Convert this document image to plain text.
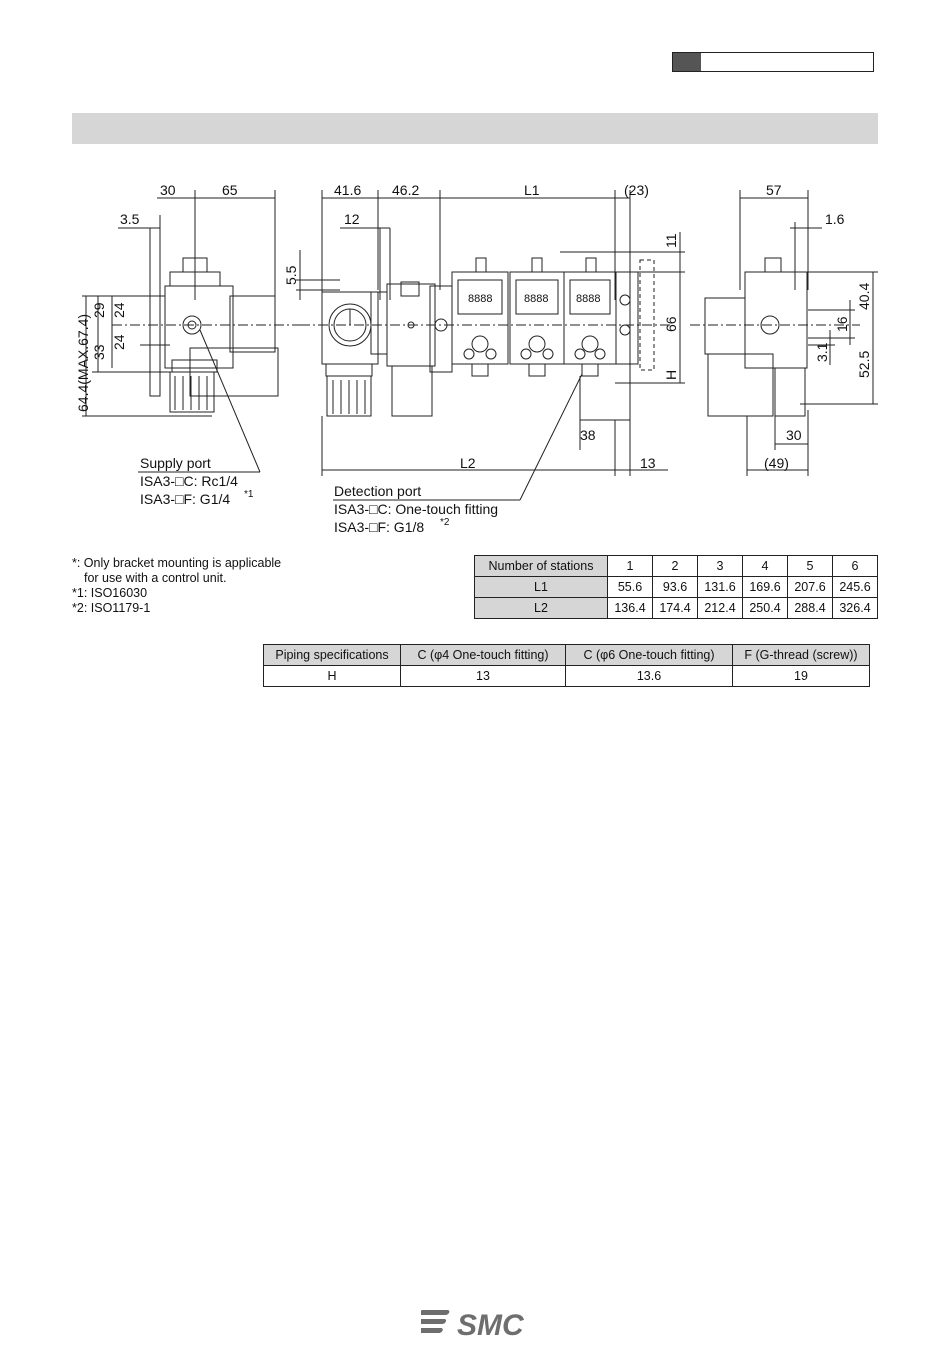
30	65
3.5
29 24
33
24
64.4(MAX.67.4)
41.6 46.2	L1	(23)
12
5.5
11
66
H
38
L2	13
57
1.6
40.4
16
3.1 52.5
30
(49)
8888	8888	8888
Supply port
ISA3-□C: Rc1/4
ISA3-□F: G1/4 *1	Detection port
ISA3-□C: One-touch fitting
ISA3-□F: G1/8 *2
*: Only bracket mounting is applicable
for use with a control unit.
*1: ISO16030
*2: ISO1179-1
Number of stations	1	2	3	4	5	6
L1	55.6	93.6	131.6	169.6	207.6	245.6
L2	136.4	174.4	212.4	250.4	288.4	326.4
Piping specifications	C (φ4 One-touch fitting)	C (φ6 One-touch fitting)	F (G-thread (screw))
H	13	13.6	19
SMC
